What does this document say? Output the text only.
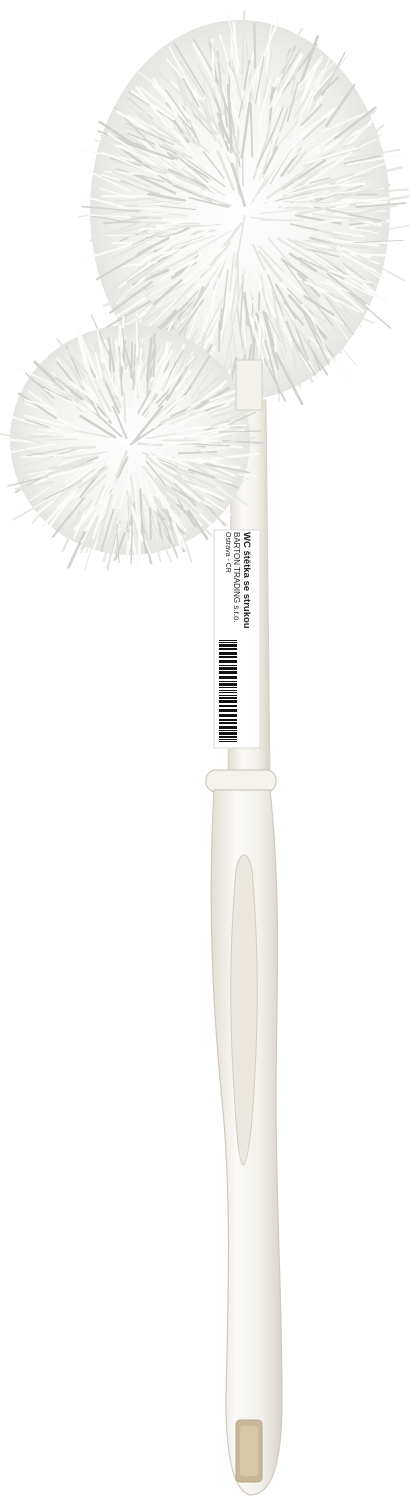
WC štětka se strukou
BARTON TRADING s.r.o.
Ostrava - CR
